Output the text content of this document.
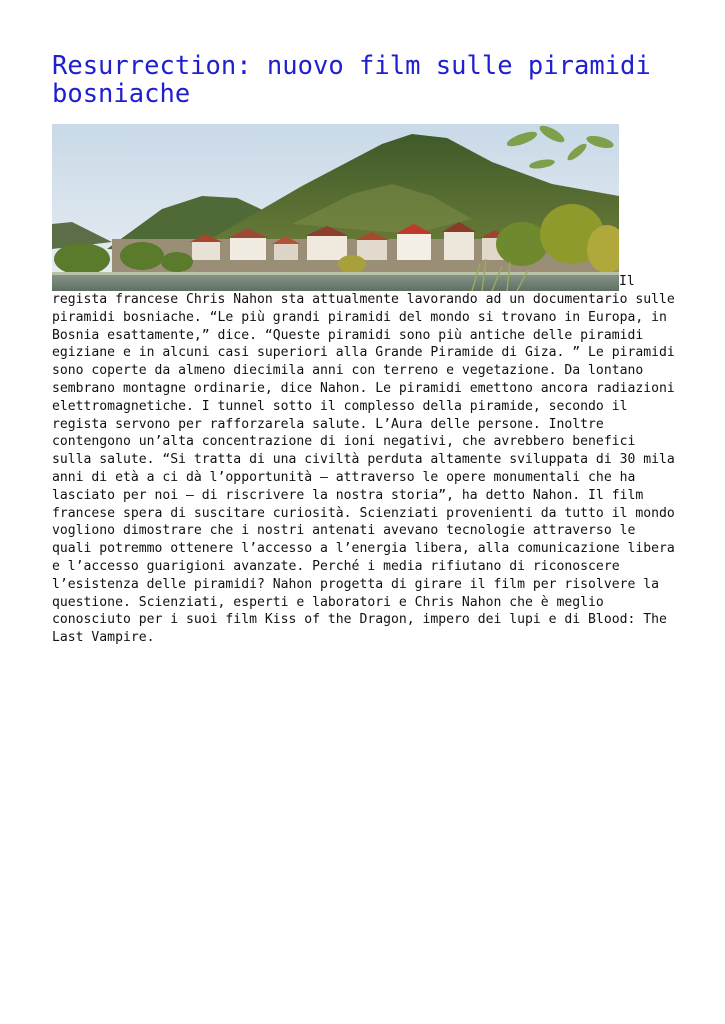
Resurrection: nuovo film sulle piramidi bosniache
Il regista francese Chris Nahon sta attualmente lavorando ad un documentario sulle piramidi bosniache. “Le più grandi piramidi del mondo si trovano in Europa, in Bosnia esattamente,” dice. “Queste piramidi sono più antiche delle piramidi egiziane e in alcuni casi superiori alla Grande Piramide di Giza. ” Le piramidi sono coperte da almeno diecimila anni con terreno e vegetazione. Da lontano sembrano montagne ordinarie, dice Nahon. Le piramidi emettono ancora radiazioni elettromagnetiche. I tunnel sotto il complesso della piramide, secondo il regista servono per rafforzarela salute. L’Aura delle persone. Inoltre contengono un’alta concentrazione di ioni negativi, che avrebbero benefici sulla salute. “Si tratta di una civiltà perduta altamente sviluppata di 30 mila anni di età a ci dà l’opportunità – attraverso le opere monumentali che ha lasciato per noi – di riscrivere la nostra storia”, ha detto Nahon. Il film francese spera di suscitare curiosità. Scienziati provenienti da tutto il mondo vogliono dimostrare che i nostri antenati avevano tecnologie attraverso le quali potremmo ottenere l’accesso a l’energia libera, alla comunicazione libera e l’accesso guarigioni avanzate. Perché i media rifiutano di riconoscere l’esistenza delle piramidi? Nahon progetta di girare il film per risolvere la questione. Scienziati, esperti e laboratori e Chris Nahon che è meglio conosciuto per i suoi film Kiss of the Dragon, impero dei lupi e di Blood: The Last Vampire.
